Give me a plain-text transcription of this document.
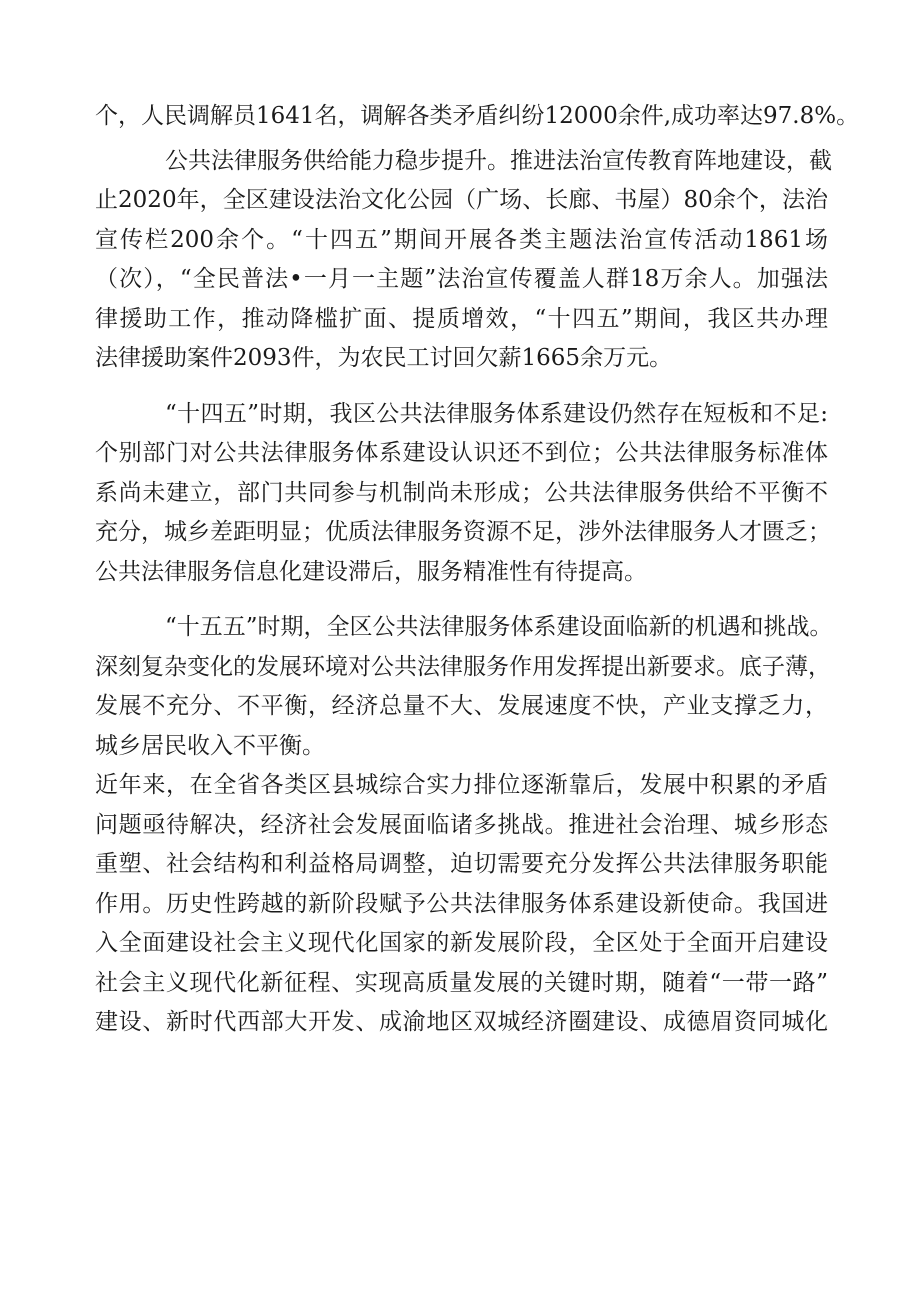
个，人民调解员1641名，调解各类矛盾纠纷12000余件,成功率达97.8%。
公共法律服务供给能力稳步提升。推进法治宣传教育阵地建设，截
止2020年，全区建设法治文化公园（广场、长廊、书屋）80余个，法治
宣传栏200余个。“十四五”期间开展各类主题法治宣传活动1861场
（次），“全民普法•一月一主题”法治宣传覆盖人群18万余人。加强法
律援助工作，推动降槛扩面、提质增效，“十四五”期间，我区共办理
法律援助案件2093件，为农民工讨回欠薪1665余万元。
“十四五”时期，我区公共法律服务体系建设仍然存在短板和不足:
个别部门对公共法律服务体系建设认识还不到位；公共法律服务标准体
系尚未建立，部门共同参与机制尚未形成；公共法律服务供给不平衡不
充分，城乡差距明显；优质法律服务资源不足，涉外法律服务人才匮乏；
公共法律服务信息化建设滞后，服务精准性有待提高。
“十五五”时期，全区公共法律服务体系建设面临新的机遇和挑战。
深刻复杂变化的发展环境对公共法律服务作用发挥提出新要求。底子薄，
发展不充分、不平衡，经济总量不大、发展速度不快，产业支撑乏力，
城乡居民收入不平衡。
近年来，在全省各类区县城综合实力排位逐渐靠后，发展中积累的矛盾
问题亟待解决，经济社会发展面临诸多挑战。推进社会治理、城乡形态
重塑、社会结构和利益格局调整，迫切需要充分发挥公共法律服务职能
作用。历史性跨越的新阶段赋予公共法律服务体系建设新使命。我国进
入全面建设社会主义现代化国家的新发展阶段，全区处于全面开启建设
社会主义现代化新征程、实现高质量发展的关键时期，随着“一带一路”
建设、新时代西部大开发、成渝地区双城经济圈建设、成德眉资同城化
